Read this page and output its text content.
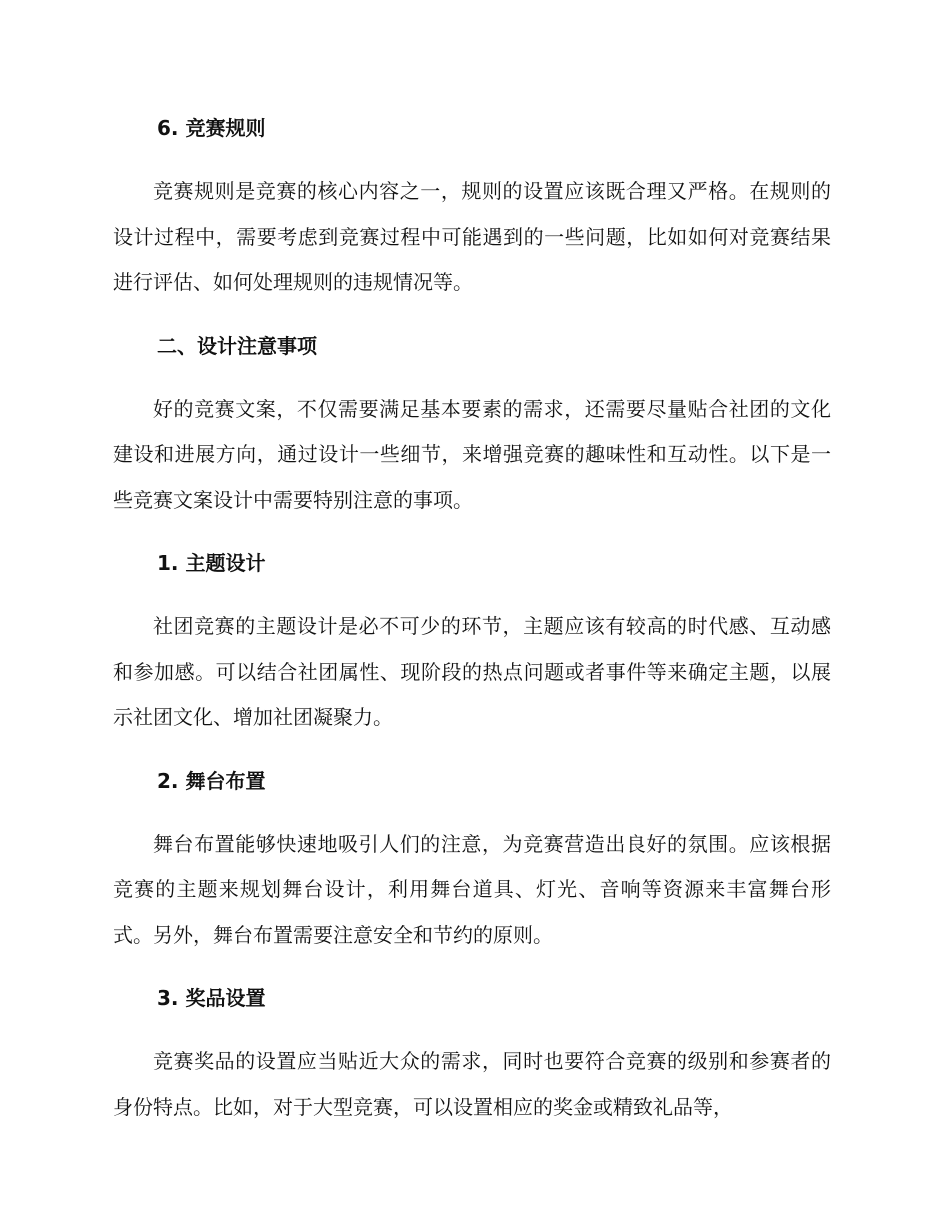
6. 竞赛规则

竞赛规则是竞赛的核心内容之一，规则的设置应该既合理又严格。在规则的设计过程中，需要考虑到竞赛过程中可能遇到的一些问题，比如如何对竞赛结果进行评估、如何处理规则的违规情况等。

二、设计注意事项

好的竞赛文案，不仅需要满足基本要素的需求，还需要尽量贴合社团的文化建设和进展方向，通过设计一些细节，来增强竞赛的趣味性和互动性。以下是一些竞赛文案设计中需要特别注意的事项。

1. 主题设计

社团竞赛的主题设计是必不可少的环节，主题应该有较高的时代感、互动感和参加感。可以结合社团属性、现阶段的热点问题或者事件等来确定主题，以展示社团文化、增加社团凝聚力。

2. 舞台布置

舞台布置能够快速地吸引人们的注意，为竞赛营造出良好的氛围。应该根据竞赛的主题来规划舞台设计，利用舞台道具、灯光、音响等资源来丰富舞台形式。另外，舞台布置需要注意安全和节约的原则。

3. 奖品设置

竞赛奖品的设置应当贴近大众的需求，同时也要符合竞赛的级别和参赛者的身份特点。比如，对于大型竞赛，可以设置相应的奖金或精致礼品等，
